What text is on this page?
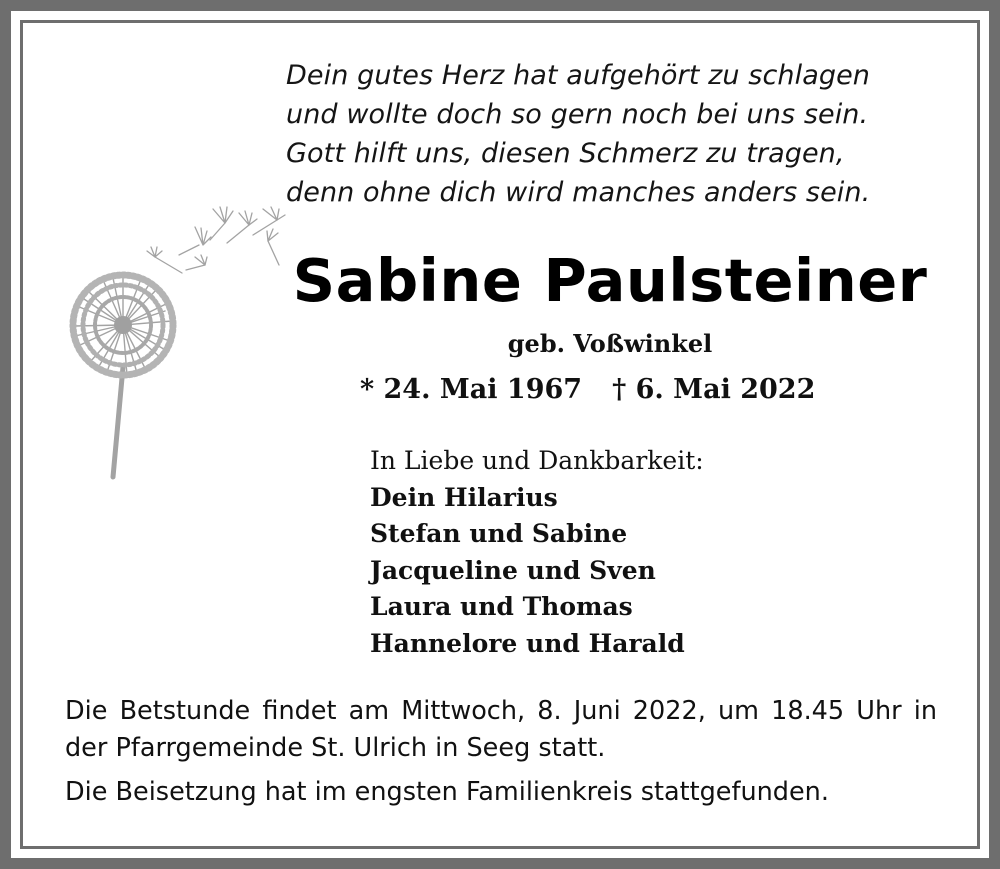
Dein gutes Herz hat aufgehört zu schlagen
und wollte doch so gern noch bei uns sein.
Gott hilft uns, diesen Schmerz zu tragen,
denn ohne dich wird manches anders sein.
Sabine Paulsteiner
geb. Voßwinkel
* 24. Mai 1967 † 6. Mai 2022
In Liebe und Dankbarkeit:
Dein Hilarius
Stefan und Sabine
Jacqueline und Sven
Laura und Thomas
Hannelore und Harald
Die Betstunde findet am Mittwoch, 8. Juni 2022, um 18.45 Uhr in der Pfarrgemeinde St. Ulrich in Seeg statt.
Die Beisetzung hat im engsten Familienkreis stattgefunden.
